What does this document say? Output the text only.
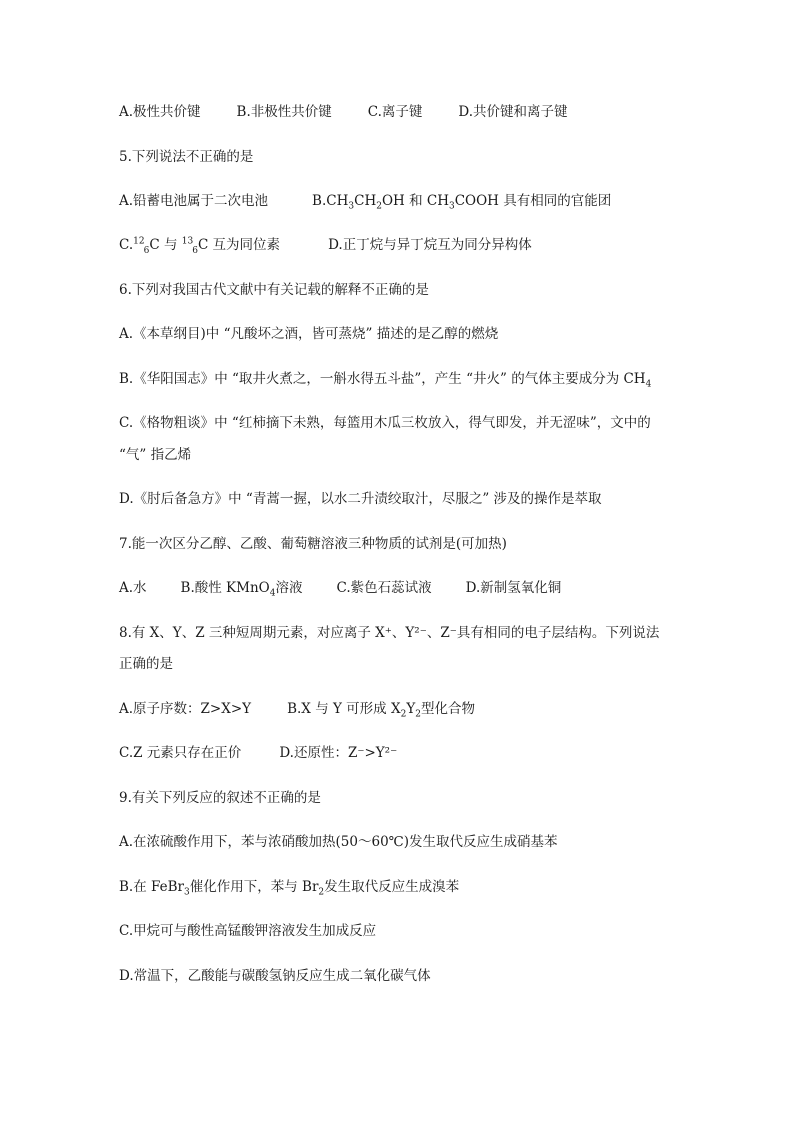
A.极性共价键	B.非极性共价键	C.离子键	D.共价键和离子键
5.下列说法不正确的是
A.铅蓄电池属于二次电池	$B.CH_3CH_2OH$ 和 $CH_3COOH$ 具有相同的官能团
C.$^{12}_6$C 与 $^{13}_6$C 互为同位素	D.正丁烷与异丁烷互为同分异构体
6.下列对我国古代文献中有关记载的解释不正确的是
A.《本草纲目)中 “凡酸坏之酒，皆可蒸烧” 描述的是乙醇的燃烧
B.《华阳国志》中 “取井火煮之，一斛水得五斗盐”，产生 “井火” 的气体主要成分为 $CH_4$
C.《格物粗谈》中 “红柿摘下未熟，每篮用木瓜三枚放入，得气即发，并无涩味”，文中的
“气” 指乙烯
D.《肘后备急方》中 “青蒿一握，以水二升渍绞取汁，尽服之” 涉及的操作是萃取
7.能一次区分乙醇、乙酸、葡萄糖溶液三种物质的试剂是(可加热)
A.水	B.酸性 KMnO$_4$溶液	C.紫色石蕊试液	D.新制氢氧化铜
8.有 X、Y、Z 三种短周期元素，对应离子 X⁺、Y²⁻、Z⁻具有相同的电子层结构。下列说法
正确的是
A.原子序数：Z>X>Y	B.X 与 Y 可形成 $X_2Y_2$型化合物
C.Z 元素只存在正价	D.还原性：Z⁻>Y²⁻
9.有关下列反应的叙述不正确的是
A.在浓硫酸作用下，苯与浓硝酸加热(50～60℃)发生取代反应生成硝基苯
B.在 FeBr$_3$催化作用下，苯与 $Br_2$发生取代反应生成溴苯
C.甲烷可与酸性高锰酸钾溶液发生加成反应
D.常温下，乙酸能与碳酸氢钠反应生成二氧化碳气体
